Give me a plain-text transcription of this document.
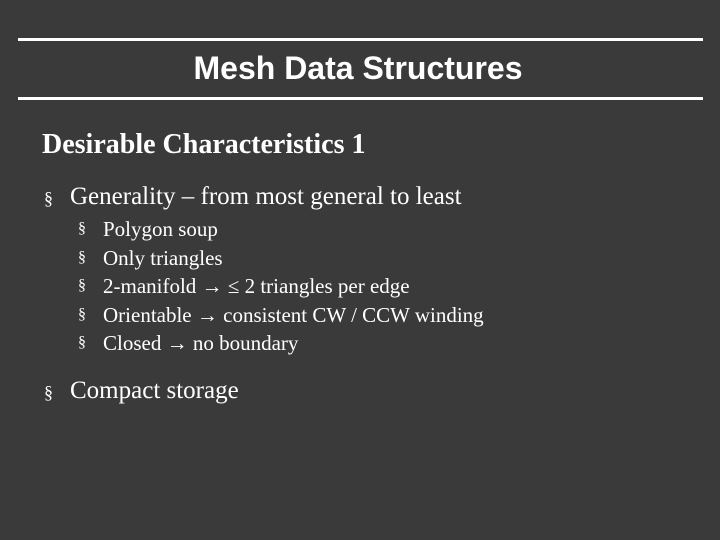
Mesh Data Structures
Desirable Characteristics 1
§ Generality – from most general to least
§ Polygon soup
§ Only triangles
§ 2-manifold → ≤ 2 triangles per edge
§ Orientable → consistent CW / CCW winding
§ Closed → no boundary
§ Compact storage
